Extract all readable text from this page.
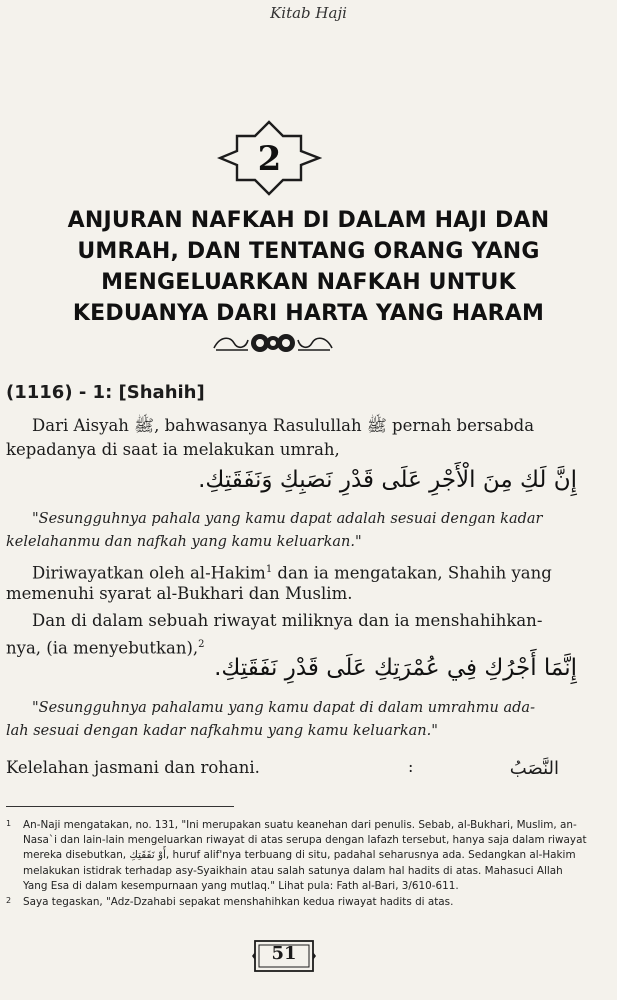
Kitab Haji
2
ANJURAN NAFKAH DI DALAM HAJI DAN
UMRAH, DAN TENTANG ORANG YANG
MENGELUARKAN NAFKAH UNTUK
KEDUANYA DARI HARTA YANG HARAM
(1116) - 1: [Shahih]
Dari Aisyah ﷺ, bahwasanya Rasulullah ﷺ pernah bersabda
kepadanya di saat ia melakukan umrah,
إِنَّ لَكِ مِنَ الْأَجْرِ عَلَى قَدْرِ نَصَبِكِ وَنَفَقَتِكِ.
"Sesungguhnya pahala yang kamu dapat adalah sesuai dengan kadar
kelelahanmu dan nafkah yang kamu keluarkan."
Diriwayatkan oleh al-Hakim$^1$ dan ia mengatakan, Shahih yang
memenuhi syarat al-Bukhari dan Muslim.
Dan di dalam sebuah riwayat miliknya dan ia menshahihkan-
nya, (ia menyebutkan),$^2$
إِنَّمَا أَجْرُكِ فِي عُمْرَتِكِ عَلَى قَدْرِ نَفَقَتِكِ.
"Sesungguhnya pahalamu yang kamu dapat di dalam umrahmu ada-
lah sesuai dengan kadar nafkahmu yang kamu keluarkan."
Kelelahan jasmani dan rohani.	:	النَّصَبُ
1	An-Naji mengatakan, no. 131, "Ini merupakan suatu keanehan dari penulis. Sebab, al-Bukhari, Muslim, an-
Nasa`i dan lain-lain mengeluarkan riwayat di atas serupa dengan lafazh tersebut, hanya saja dalam riwayat
mereka disebutkan, أَوْ نَفَقَتِكِ, huruf alif'nya terbuang di situ, padahal seharusnya ada. Sedangkan al-Hakim
melakukan istidrak terhadap asy-Syaikhain atau salah satunya dalam hal hadits di atas. Mahasuci Allah
Yang Esa di dalam kesempurnaan yang mutlaq." Lihat pula: Fath al-Bari, 3/610-611.
2	Saya tegaskan, "Adz-Dzahabi sepakat menshahihkan kedua riwayat hadits di atas.
51
